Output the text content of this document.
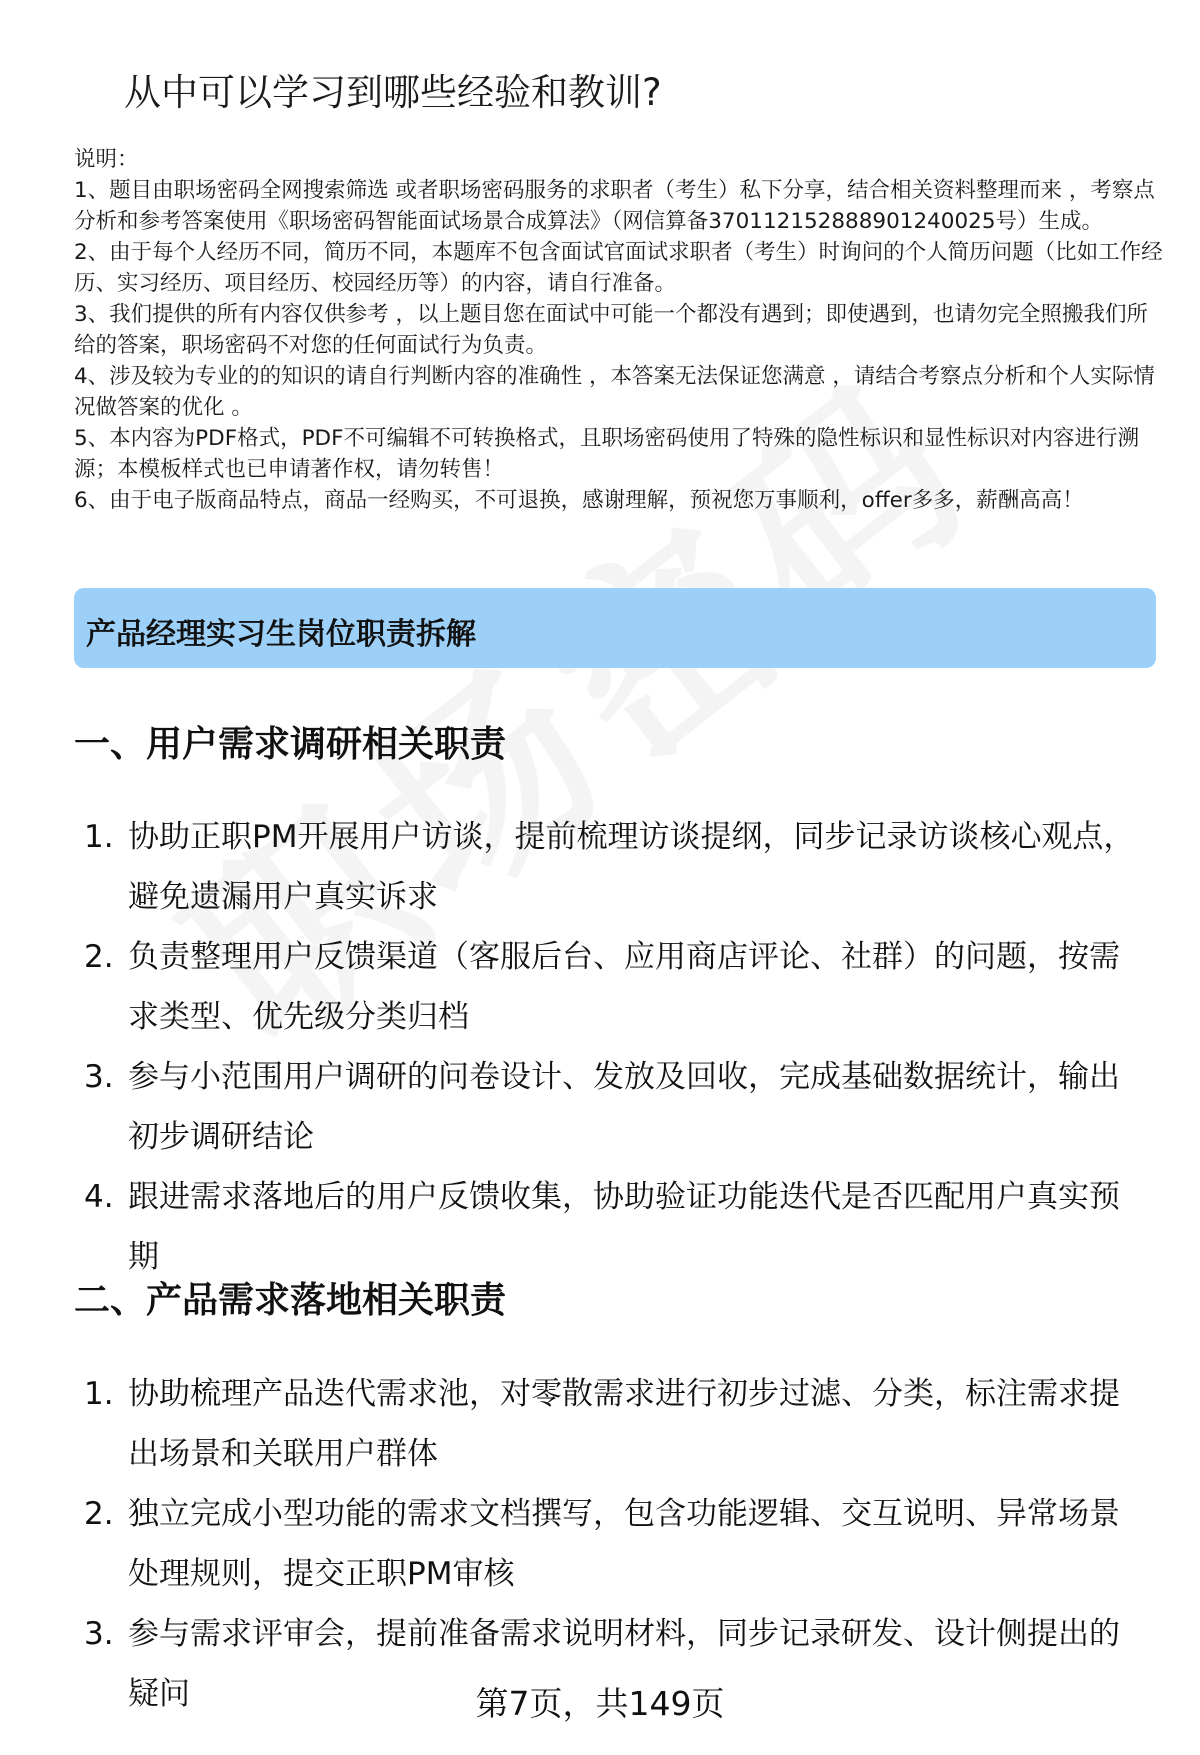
从中可以学习到哪些经验和教训?

说明：

1、题目由职场密码全网搜索筛选 或者职场密码服务的求职者（考生）私下分享，结合相关资料整理而来 ，考察点分析和参考答案使用《职场密码智能面试场景合成算法》（网信算备370112152888901240025号）生成。

2、由于每个人经历不同，简历不同，本题库不包含面试官面试求职者（考生）时询问的个人简历问题（比如工作经历、实习经历、项目经历、校园经历等）的内容，请自行准备。

3、我们提供的所有内容仅供参考 ，以上题目您在面试中可能一个都没有遇到；即使遇到，也请勿完全照搬我们所给的答案，职场密码不对您的任何面试行为负责。

4、涉及较为专业的的知识的请自行判断内容的准确性 ，本答案无法保证您满意 ，请结合考察点分析和个人实际情况做答案的优化 。

5、本内容为PDF格式，PDF不可编辑不可转换格式，且职场密码使用了特殊的隐性标识和显性标识对内容进行溯源；本模板样式也已申请著作权，请勿转售！

6、由于电子版商品特点，商品一经购买，不可退换，感谢理解，预祝您万事顺利，offer多多，薪酬高高！

产品经理实习生岗位职责拆解
一、用户需求调研相关职责
1. 协助正职PM开展用户访谈，提前梳理访谈提纲，同步记录访谈核心观点，避免遗漏用户真实诉求
2. 负责整理用户反馈渠道（客服后台、应用商店评论、社群）的问题，按需求类型、优先级分类归档
3. 参与小范围用户调研的问卷设计、发放及回收，完成基础数据统计，输出初步调研结论
4. 跟进需求落地后的用户反馈收集，协助验证功能迭代是否匹配用户真实预期
二、产品需求落地相关职责
1. 协助梳理产品迭代需求池，对零散需求进行初步过滤、分类，标注需求提出场景和关联用户群体
2. 独立完成小型功能的需求文档撰写，包含功能逻辑、交互说明、异常场景处理规则，提交正职PM审核
3. 参与需求评审会，提前准备需求说明材料，同步记录研发、设计侧提出的疑问	第7页，共149页
